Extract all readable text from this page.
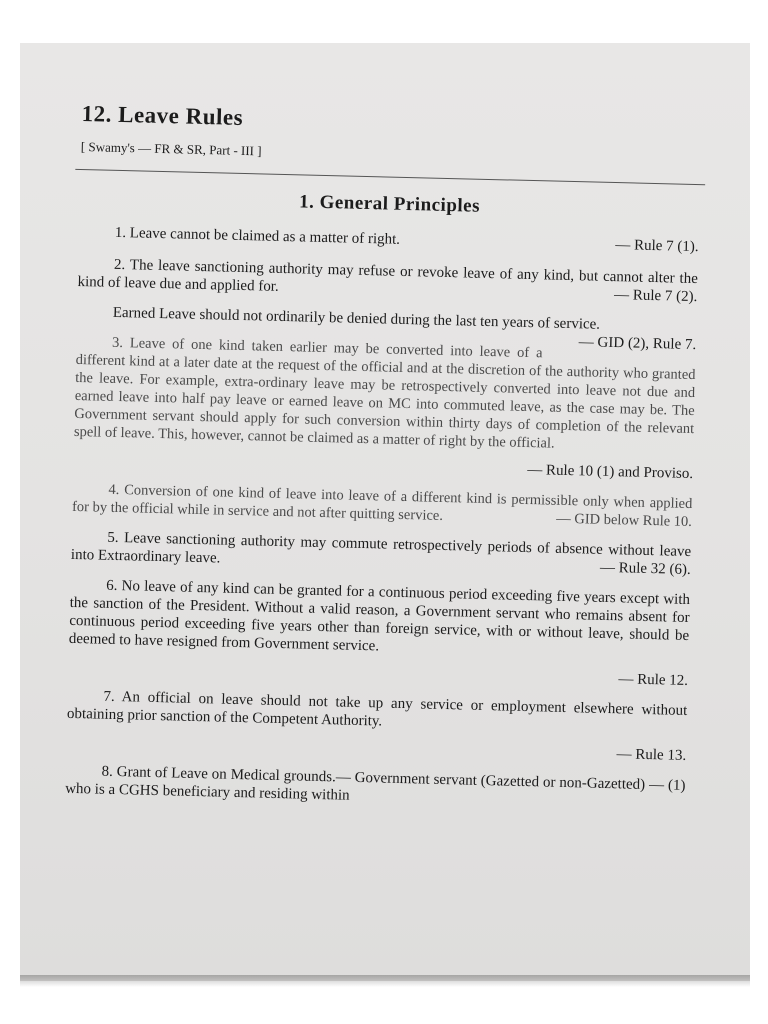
12. Leave Rules
[ Swamy's — FR & SR, Part - III ]
1. General Principles
1. Leave cannot be claimed as a matter of right.	— Rule 7 (1).

2. The leave sanctioning authority may refuse or revoke leave of any kind, but cannot alter the kind of leave due and applied for.
— Rule 7 (2).

Earned Leave should not ordinarily be denied during the last ten years of service.
— GID (2), Rule 7.

3. Leave of one kind taken earlier may be converted into leave of a different kind at a later date at the request of the official and at the discretion of the authority who granted the leave. For example, extra-ordinary leave may be retrospectively converted into leave not due and earned leave into half pay leave or earned leave on MC into commuted leave, as the case may be. The Government servant should apply for such conversion within thirty days of completion of the relevant spell of leave. This, however, cannot be claimed as a matter of right by the official.

— Rule 10 (1) and Proviso.

4. Conversion of one kind of leave into leave of a different kind is permissible only when applied for by the official while in service and not after quitting service.	— GID below Rule 10.

5. Leave sanctioning authority may commute retrospectively periods of absence without leave into Extraordinary leave.
— Rule 32 (6).

6. No leave of any kind can be granted for a continuous period exceeding five years except with the sanction of the President. Without a valid reason, a Government servant who remains absent for continuous period exceeding five years other than foreign service, with or without leave, should be deemed to have resigned from Government service.

— Rule 12.

7. An official on leave should not take up any service or employment elsewhere without obtaining prior sanction of the Competent Authority.

— Rule 13.

8. Grant of Leave on Medical grounds.— Government servant (Gazetted or non-Gazetted) — (1) who is a CGHS beneficiary and residing within
